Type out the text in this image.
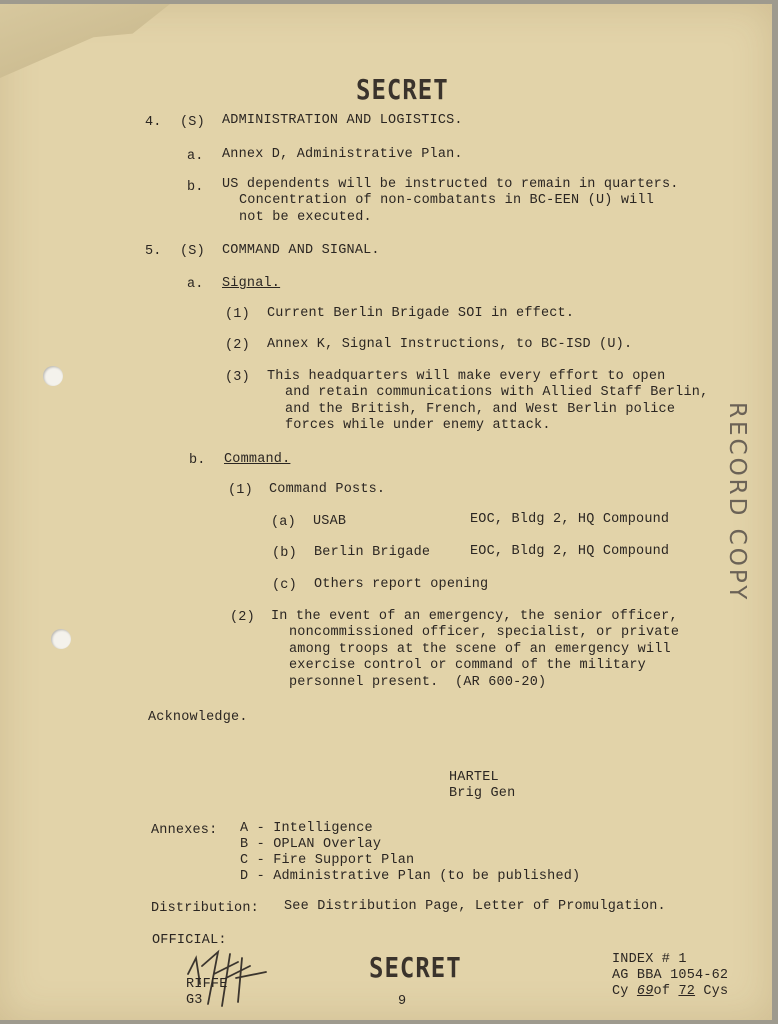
SECRET
4. (S) ADMINISTRATION AND LOGISTICS.
a. Annex D, Administrative Plan.
b. US dependents will be instructed to remain in quarters.
Concentration of non-combatants in BC-EEN (U) will
not be executed.
5. (S) COMMAND AND SIGNAL.
a. Signal.
(1) Current Berlin Brigade SOI in effect.
(2) Annex K, Signal Instructions, to BC-ISD (U).
(3) This headquarters will make every effort to open
and retain communications with Allied Staff Berlin,
and the British, French, and West Berlin police
forces while under enemy attack.
b. Command.
(1) Command Posts.
(a) USAB	EOC, Bldg 2, HQ Compound
(b) Berlin Brigade	EOC, Bldg 2, HQ Compound
(c) Others report opening
(2) In the event of an emergency, the senior officer,
noncommissioned officer, specialist, or private
among troops at the scene of an emergency will
exercise control or command of the military
personnel present.  (AR 600-20)
Acknowledge.
HARTEL
Brig Gen
Annexes: A - Intelligence
B - OPLAN Overlay
C - Fire Support Plan
D - Administrative Plan (to be published)
Distribution: See Distribution Page, Letter of Promulgation.
OFFICIAL:
RIFFE
G3
SECRET
9
INDEX # 1
AG BBA 1054-62
Cy 69of 72 Cys
RECORD COPY
